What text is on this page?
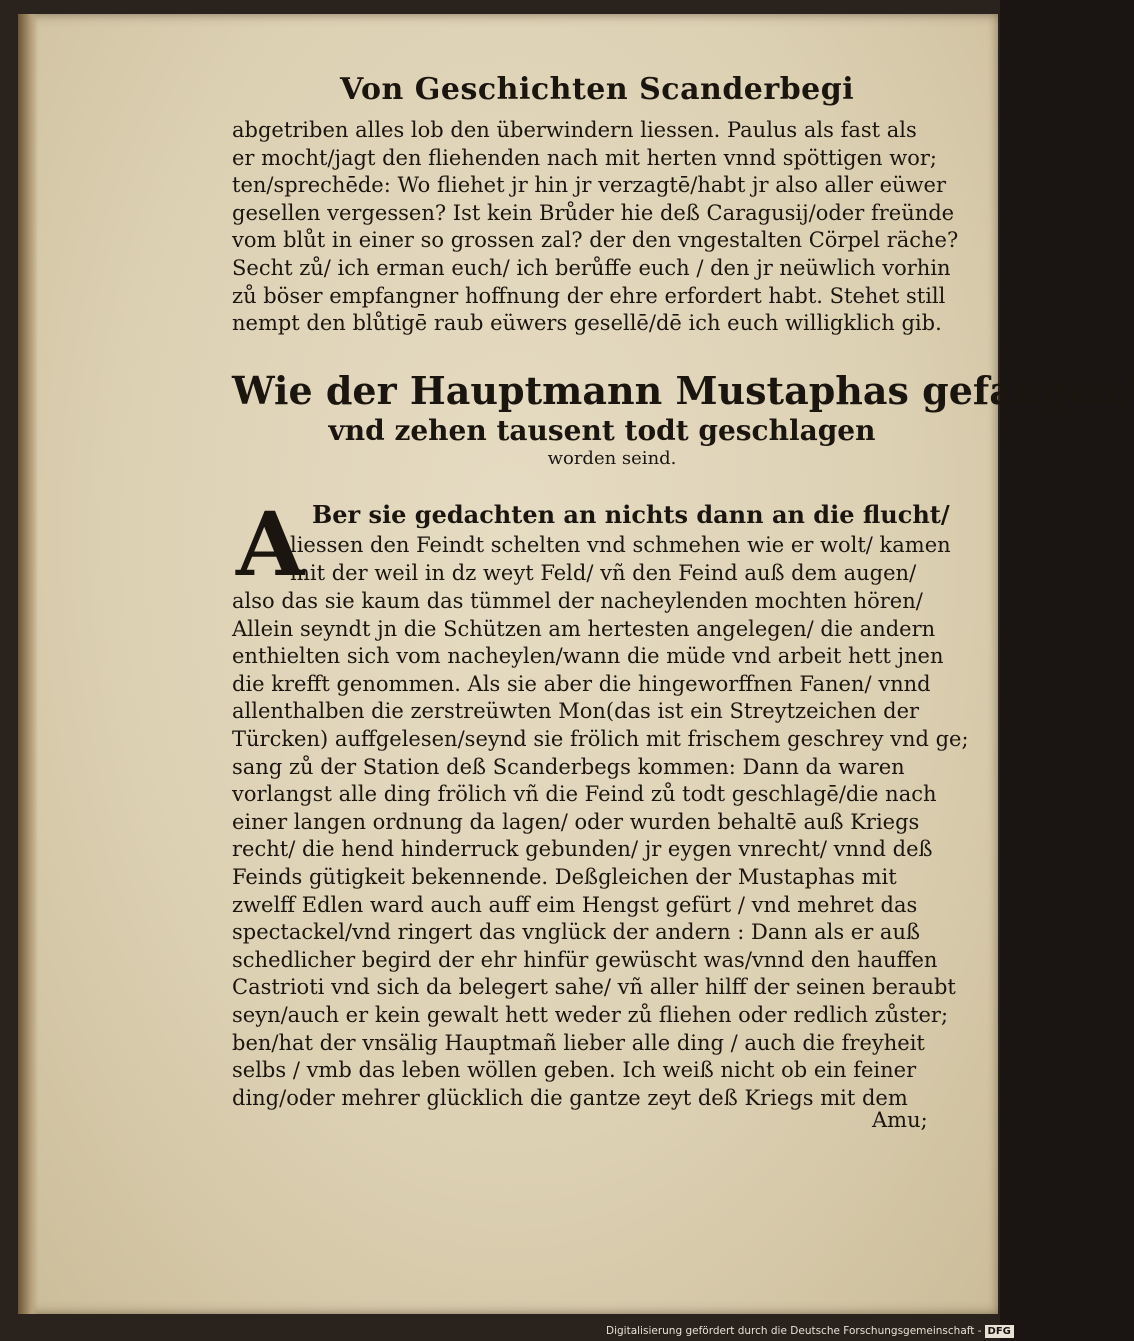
Von Geschichten Scanderbegi
abgetriben alles lob den überwindern liessen. Paulus als fast als
er mocht/jagt den fliehenden nach mit herten vnnd spöttigen wor;
ten/sprechēde: Wo fliehet jr hin jr verzagtē/habt jr also aller eüwer
gesellen vergessen? Ist kein Brůder hie deß Caragusij/oder freünde
vom blůt in einer so grossen zal? der den vngestalten Cörpel räche?
Secht zů/ ich erman euch/ ich berůffe euch / den jr neüwlich vorhin
zů böser empfangner hoffnung der ehre erfordert habt. Stehet still
nempt den blůtigē raub eüwers gesellē/dē ich euch willigklich gib.
Wie der Hauptmann Mustaphas gefangen/
vnd zehen tausent todt geschlagen
worden seind.
A Ber sie gedachten an nichts dann an die flucht/
liessen den Feindt schelten vnd schmehen wie er wolt/ kamen
mit der weil in dz weyt Feld/ vñ den Feind auß dem augen/
also das sie kaum das tümmel der nacheylenden mochten hören/
Allein seyndt jn die Schützen am hertesten angelegen/ die andern
enthielten sich vom nacheylen/wann die müde vnd arbeit hett jnen
die krefft genommen. Als sie aber die hingeworffnen Fanen/ vnnd
allenthalben die zerstreüwten Mon(das ist ein Streytzeichen der
Türcken) auffgelesen/seynd sie frölich mit frischem geschrey vnd ge;
sang zů der Station deß Scanderbegs kommen: Dann da waren
vorlangst alle ding frölich vñ die Feind zů todt geschlagē/die nach
einer langen ordnung da lagen/ oder wurden behaltē auß Kriegs
recht/ die hend hinderruck gebunden/ jr eygen vnrecht/ vnnd deß
Feinds gütigkeit bekennende. Deßgleichen der Mustaphas mit
zwelff Edlen ward auch auff eim Hengst gefürt / vnd mehret das
spectackel/vnd ringert das vnglück der andern : Dann als er auß
schedlicher begird der ehr hinfür gewüscht was/vnnd den hauffen
Castrioti vnd sich da belegert sahe/ vñ aller hilff der seinen beraubt
seyn/auch er kein gewalt hett weder zů fliehen oder redlich zůster;
ben/hat der vnsälig Hauptmañ lieber alle ding / auch die freyheit
selbs / vmb das leben wöllen geben. Ich weiß nicht ob ein feiner
ding/oder mehrer glücklich die gantze zeyt deß Kriegs mit dem
Amu;
Digitalisierung gefördert durch die Deutsche Forschungsgemeinschaft - DFG
